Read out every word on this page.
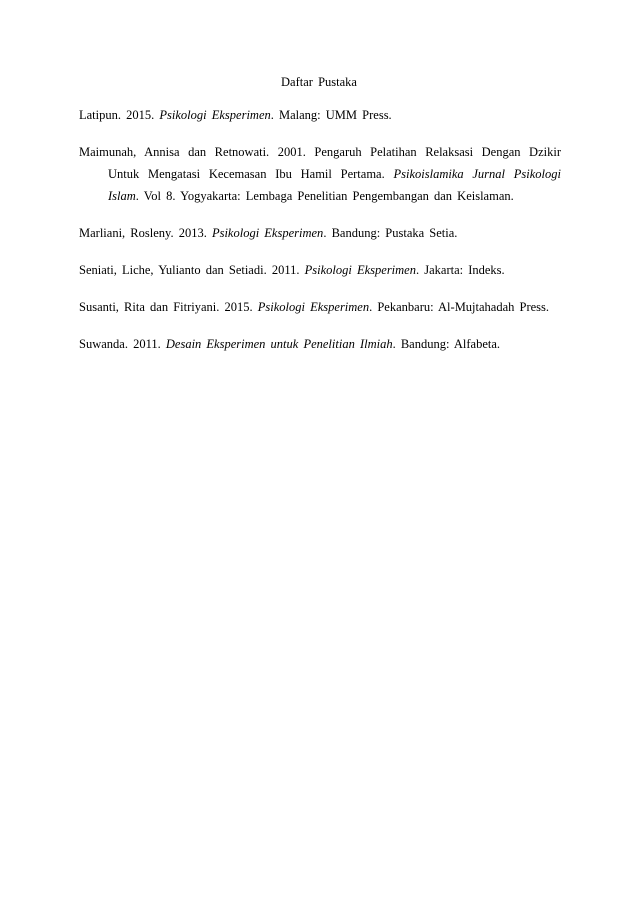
Daftar Pustaka

Latipun. 2015. Psikologi Eksperimen. Malang: UMM Press.

Maimunah, Annisa dan Retnowati. 2001. Pengaruh Pelatihan Relaksasi Dengan Dzikir Untuk Mengatasi Kecemasan Ibu Hamil Pertama. Psikoislamika Jurnal Psikologi Islam. Vol 8. Yogyakarta: Lembaga Penelitian Pengembangan dan Keislaman.

Marliani, Rosleny. 2013. Psikologi Eksperimen. Bandung: Pustaka Setia.

Seniati, Liche, Yulianto dan Setiadi. 2011. Psikologi Eksperimen. Jakarta: Indeks.

Susanti, Rita dan Fitriyani. 2015. Psikologi Eksperimen. Pekanbaru: Al-Mujtahadah Press.

Suwanda. 2011. Desain Eksperimen untuk Penelitian Ilmiah. Bandung: Alfabeta.
